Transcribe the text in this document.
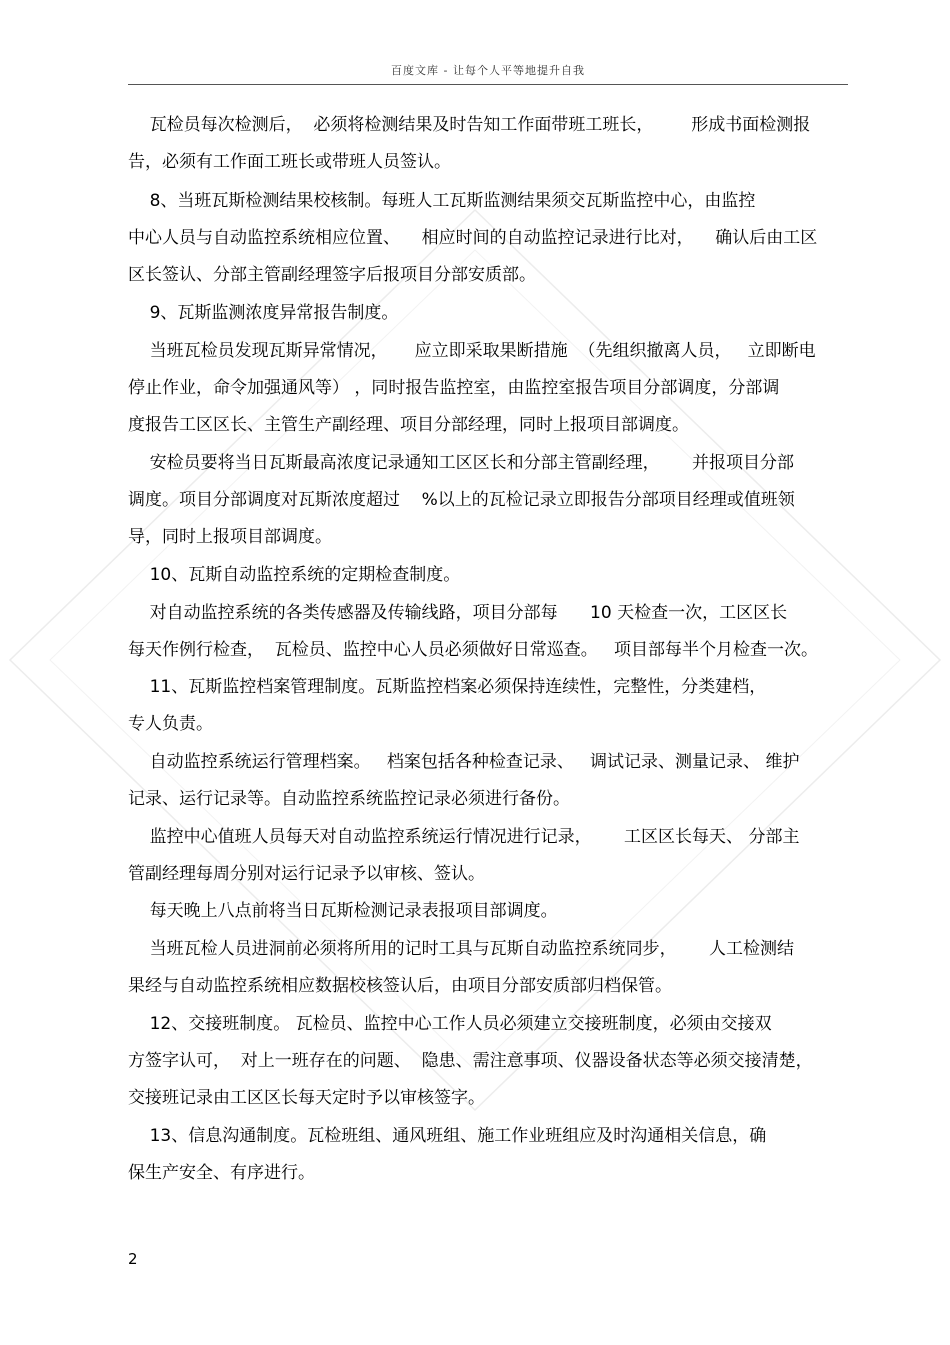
百度文库 - 让每个人平等地提升自我
瓦检员每次检测后，  必须将检测结果及时告知工作面带班工班长，       形成书面检测报
告，必须有工作面工班长或带班人员签认。
8、当班瓦斯检测结果校核制。每班人工瓦斯监测结果须交瓦斯监控中心，由监控
中心人员与自动监控系统相应位置、    相应时间的自动监控记录进行比对，    确认后由工区
区长签认、分部主管副经理签字后报项目分部安质部。
9、瓦斯监测浓度异常报告制度。
当班瓦检员发现瓦斯异常情况，     应立即采取果断措施  （先组织撤离人员，   立即断电
停止作业，命令加强通风等） ，同时报告监控室，由监控室报告项目分部调度，分部调
度报告工区区长、主管生产副经理、项目分部经理，同时上报项目部调度。
安检员要将当日瓦斯最高浓度记录通知工区区长和分部主管副经理，      并报项目分部
调度。项目分部调度对瓦斯浓度超过    %以上的瓦检记录立即报告分部项目经理或值班领
导，同时上报项目部调度。
10、瓦斯自动监控系统的定期检查制度。
对自动监控系统的各类传感器及传输线路，项目分部每      10 天检查一次，工区区长
每天作例行检查，  瓦检员、监控中心人员必须做好日常巡查。   项目部每半个月检查一次。
11、瓦斯监控档案管理制度。瓦斯监控档案必须保持连续性，完整性，分类建档，
专人负责。
自动监控系统运行管理档案。   档案包括各种检查记录、   调试记录、测量记录、 维护
记录、运行记录等。自动监控系统监控记录必须进行备份。
监控中心值班人员每天对自动监控系统运行情况进行记录，      工区区长每天、 分部主
管副经理每周分别对运行记录予以审核、签认。
每天晚上八点前将当日瓦斯检测记录表报项目部调度。
当班瓦检人员进洞前必须将所用的记时工具与瓦斯自动监控系统同步，      人工检测结
果经与自动监控系统相应数据校核签认后，由项目分部安质部归档保管。
12、交接班制度。 瓦检员、监控中心工作人员必须建立交接班制度，必须由交接双
方签字认可，  对上一班存在的问题、  隐患、需注意事项、仪器设备状态等必须交接清楚，
交接班记录由工区区长每天定时予以审核签字。
13、信息沟通制度。瓦检班组、通风班组、施工作业班组应及时沟通相关信息，确
保生产安全、有序进行。
2
